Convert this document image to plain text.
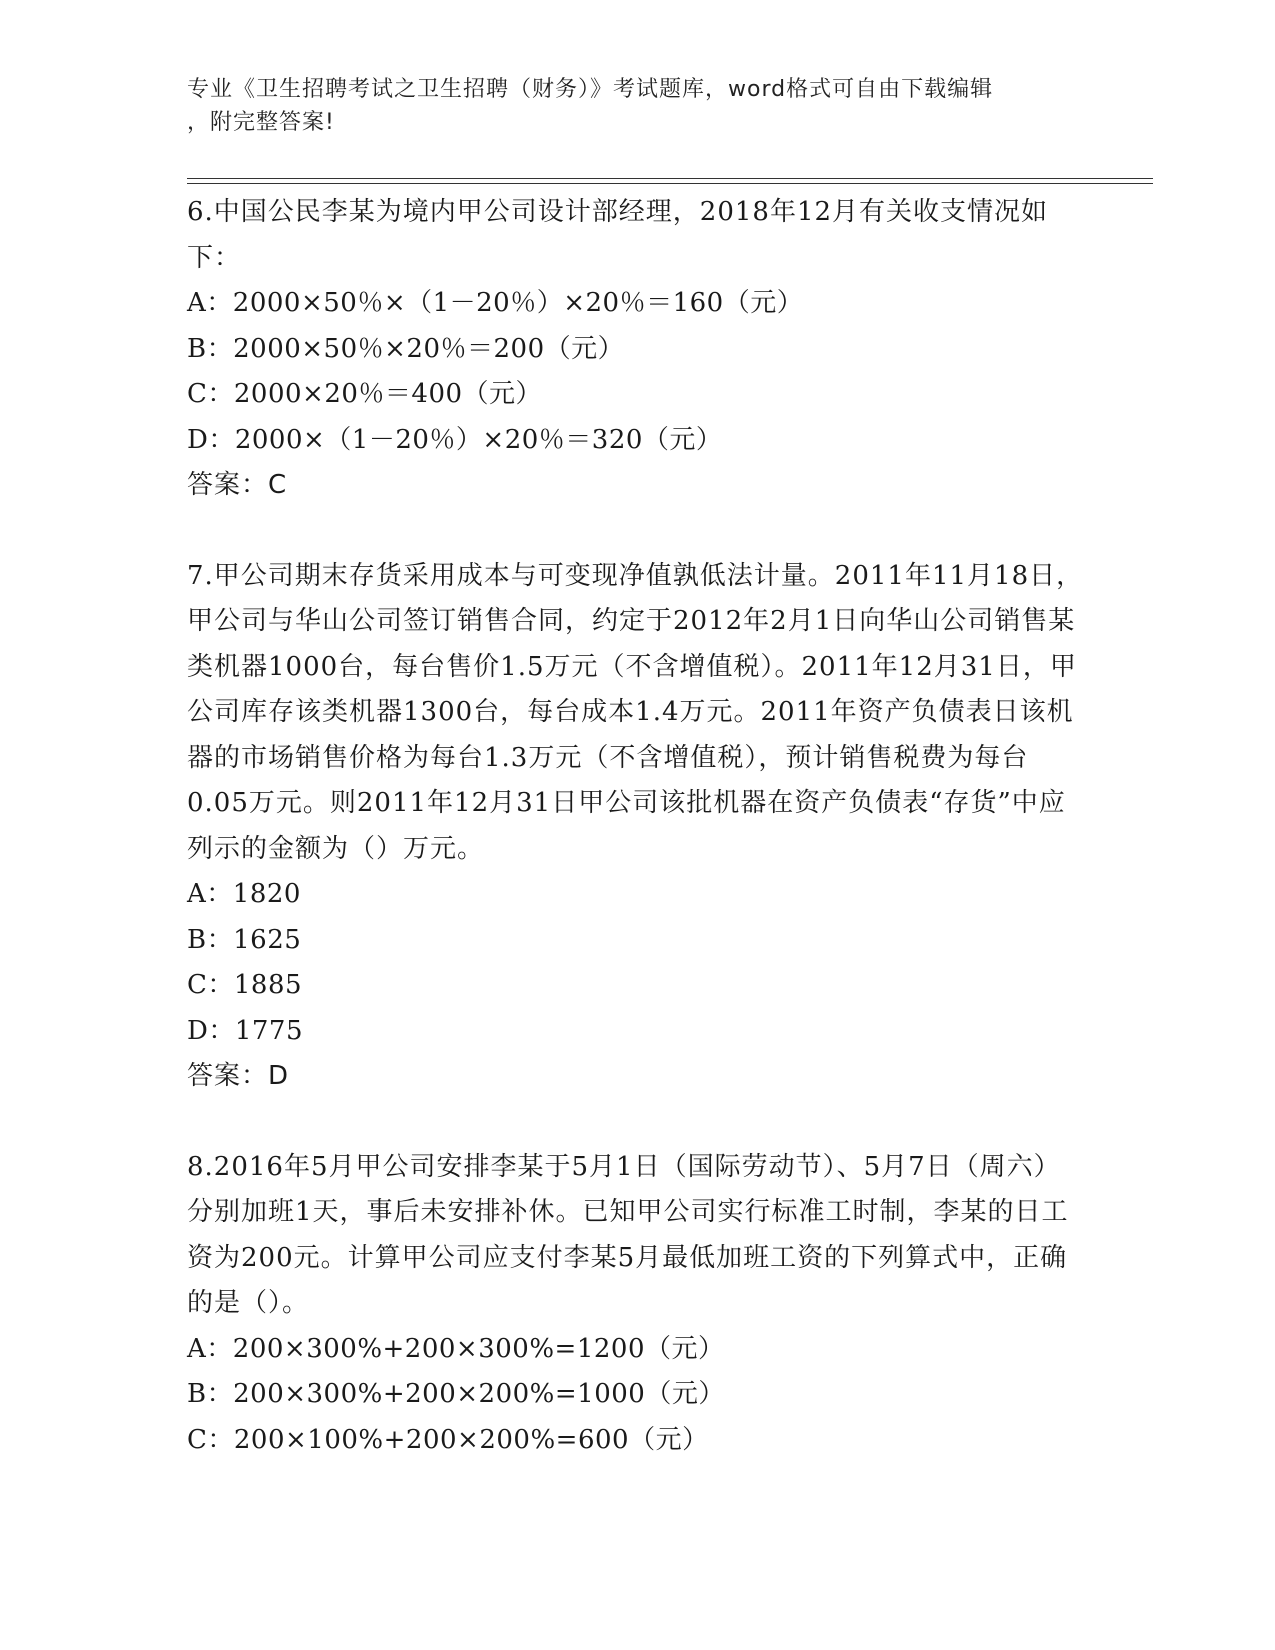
专业《卫生招聘考试之卫生招聘（财务）》考试题库，word格式可自由下载编辑
，附完整答案!

6.中国公民李某为境内甲公司设计部经理，2018年12月有关收支情况如下：

A：2000×50％×（1－20％）×20％＝160（元）

B：2000×50％×20％＝200（元）

C：2000×20％＝400（元）

D：2000×（1－20％）×20％＝320（元）

答案：C

7.甲公司期末存货采用成本与可变现净值孰低法计量。2011年11月18日，甲公司与华山公司签订销售合同，约定于2012年2月1日向华山公司销售某类机器1000台，每台售价1.5万元（不含增值税）。2011年12月31日，甲公司库存该类机器1300台，每台成本1.4万元。2011年资产负债表日该机器的市场销售价格为每台1.3万元（不含增值税），预计销售税费为每台0.05万元。则2011年12月31日甲公司该批机器在资产负债表“存货”中应列示的金额为（）万元。

A：1820

B：1625

C：1885

D：1775

答案：D

8.2016年5月甲公司安排李某于5月1日（国际劳动节）、5月7日（周六）分别加班1天，事后未安排补休。已知甲公司实行标准工时制，李某的日工资为200元。计算甲公司应支付李某5月最低加班工资的下列算式中，正确的是（）。

A：200×300%+200×300%=1200（元）

B：200×300%+200×200%=1000（元）

C：200×100%+200×200%=600（元）
